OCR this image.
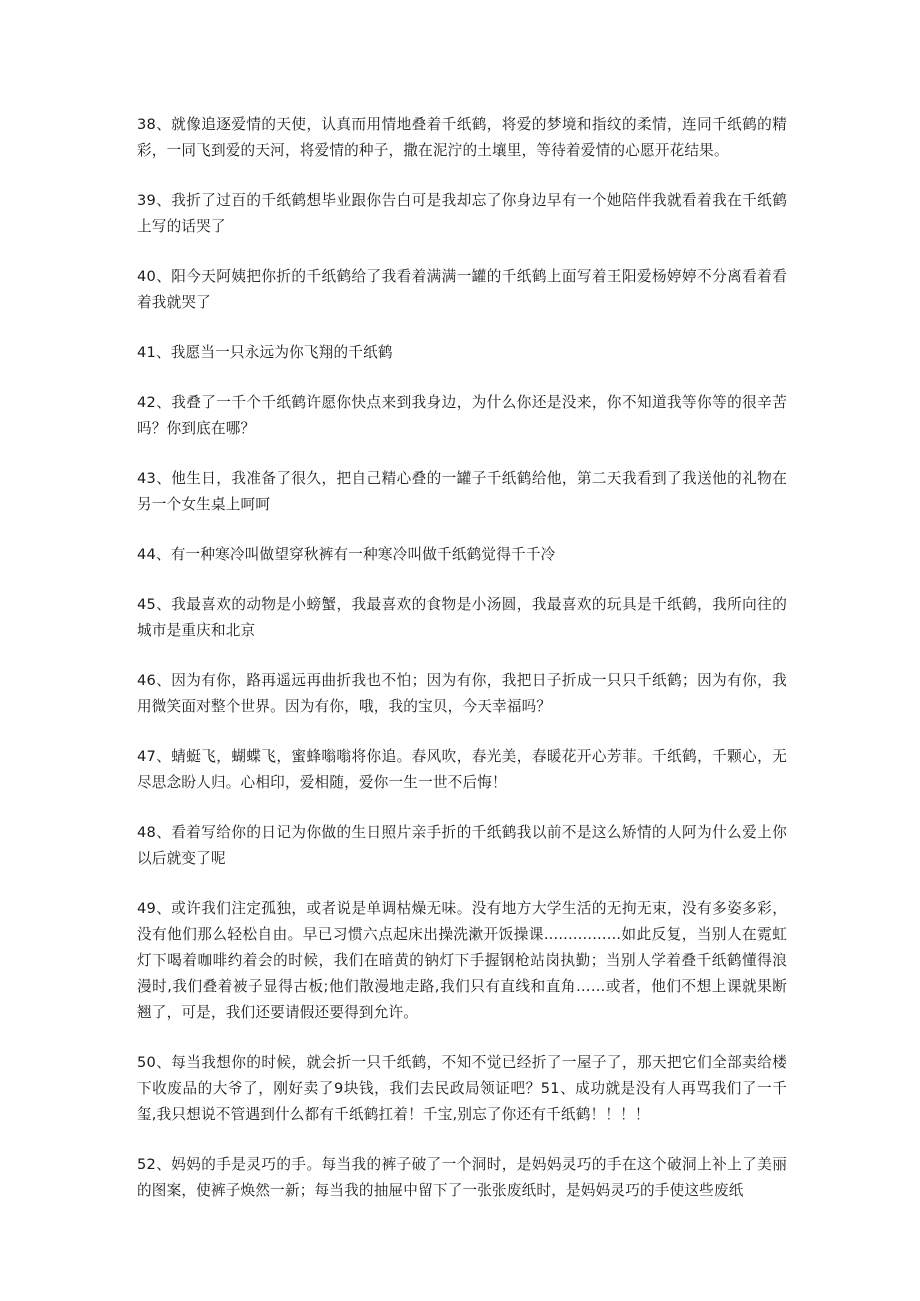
38、就像追逐爱情的天使，认真而用情地叠着千纸鹤，将爱的梦境和指纹的柔情，连同千纸鹤的精彩，一同飞到爱的天河，将爱情的种子，撒在泥泞的土壤里，等待着爱情的心愿开花结果。

39、我折了过百的千纸鹤想毕业跟你告白可是我却忘了你身边早有一个她陪伴我就看着我在千纸鹤上写的话哭了

40、阳今天阿姨把你折的千纸鹤给了我看着满满一罐的千纸鹤上面写着王阳爱杨婷婷不分离看着看着我就哭了

41、我愿当一只永远为你飞翔的千纸鹤

42、我叠了一千个千纸鹤许愿你快点来到我身边，为什么你还是没来，你不知道我等你等的很辛苦吗？你到底在哪？

43、他生日，我准备了很久，把自己精心叠的一罐子千纸鹤给他，第二天我看到了我送他的礼物在另一个女生桌上呵呵

44、有一种寒冷叫做望穿秋裤有一种寒冷叫做千纸鹤觉得千千冷

45、我最喜欢的动物是小螃蟹，我最喜欢的食物是小汤圆，我最喜欢的玩具是千纸鹤，我所向往的城市是重庆和北京

46、因为有你，路再遥远再曲折我也不怕；因为有你，我把日子折成一只只千纸鹤；因为有你，我用微笑面对整个世界。因为有你，哦，我的宝贝，今天幸福吗？

47、蜻蜓飞，蝴蝶飞，蜜蜂嗡嗡将你追。春风吹，春光美，春暖花开心芳菲。千纸鹤，千颗心，无尽思念盼人归。心相印，爱相随，爱你一生一世不后悔！

48、看着写给你的日记为你做的生日照片亲手折的千纸鹤我以前不是这么矫情的人阿为什么爱上你以后就变了呢

49、或许我们注定孤独，或者说是单调枯燥无味。没有地方大学生活的无拘无束，没有多姿多彩，没有他们那么轻松自由。早已习惯六点起床出操洗漱开饭操课................如此反复，当别人在霓虹灯下喝着咖啡约着会的时候，我们在暗黄的钠灯下手握钢枪站岗执勤；当别人学着叠千纸鹤懂得浪漫时,我们叠着被子显得古板;他们散漫地走路,我们只有直线和直角……或者，他们不想上课就果断翘了，可是，我们还要请假还要得到允许。

50、每当我想你的时候，就会折一只千纸鹤，不知不觉已经折了一屋子了，那天把它们全部卖给楼下收废品的大爷了，刚好卖了9块钱，我们去民政局领证吧？51、成功就是没有人再骂我们了一千玺,我只想说不管遇到什么都有千纸鹤扛着！千宝,别忘了你还有千纸鹤！！！！

52、妈妈的手是灵巧的手。每当我的裤子破了一个洞时，是妈妈灵巧的手在这个破洞上补上了美丽的图案，使裤子焕然一新；每当我的抽屉中留下了一张张废纸时，是妈妈灵巧的手使这些废纸
